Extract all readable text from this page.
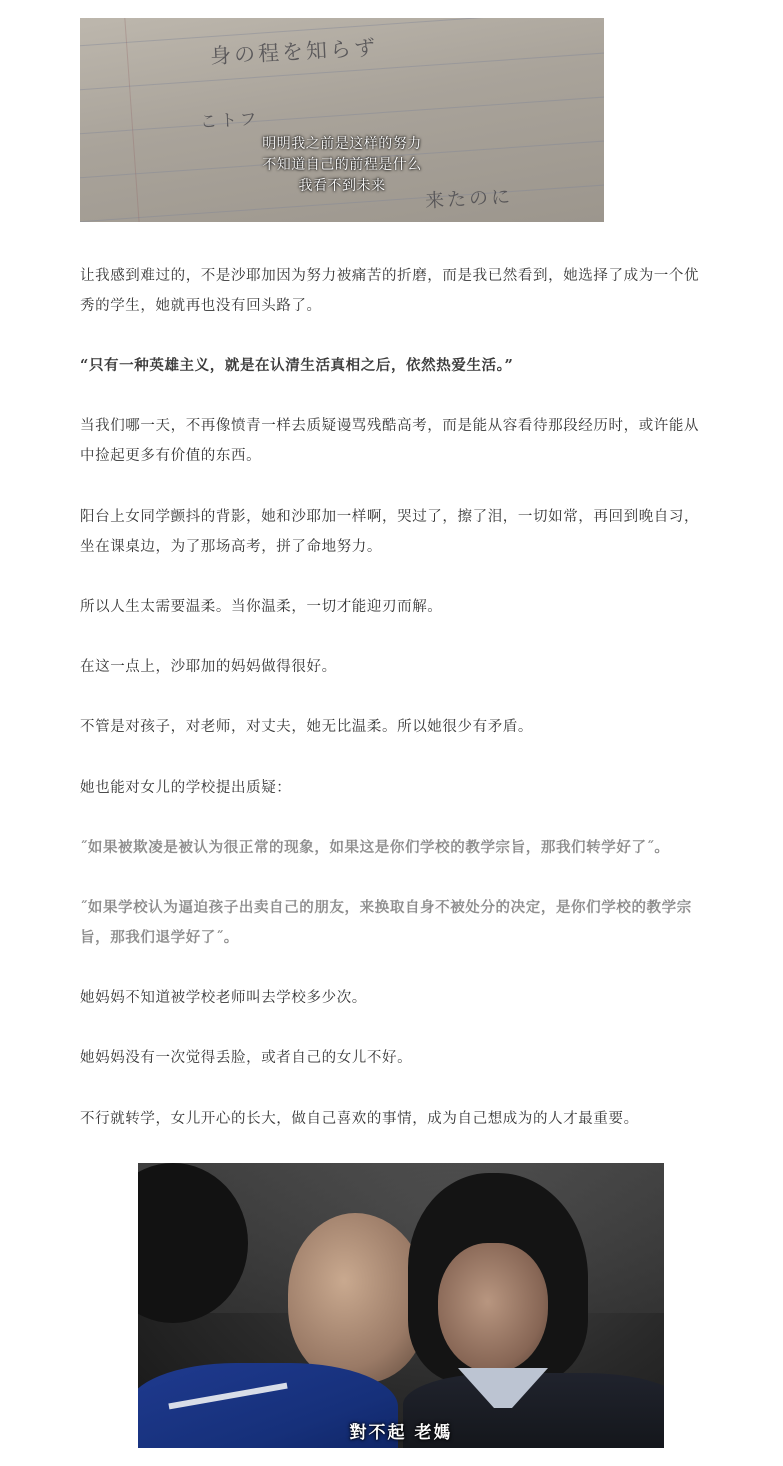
身の程を知らず
こトフ
来たのに
明明我之前是这样的努力
不知道自己的前程是什么
我看不到未来

让我感到难过的，不是沙耶加因为努力被痛苦的折磨，而是我已然看到，她选择了成为一个优

秀的学生，她就再也没有回头路了。

“只有一种英雄主义，就是在认清生活真相之后，依然热爱生活。”

当我们哪一天，不再像愤青一样去质疑谩骂残酷高考，而是能从容看待那段经历时，或许能从

中捡起更多有价值的东西。

阳台上女同学颤抖的背影，她和沙耶加一样啊，哭过了，擦了泪，一切如常，再回到晚自习，

坐在课桌边，为了那场高考，拼了命地努力。

所以人生太需要温柔。当你温柔，一切才能迎刃而解。

在这一点上，沙耶加的妈妈做得很好。

不管是对孩子，对老师，对丈夫，她无比温柔。所以她很少有矛盾。

她也能对女儿的学校提出质疑：

˝如果被欺凌是被认为很正常的现象，如果这是你们学校的教学宗旨，那我们转学好了˝。

˝如果学校认为逼迫孩子出卖自己的朋友，来换取自身不被处分的决定，是你们学校的教学宗

旨，那我们退学好了˝。

她妈妈不知道被学校老师叫去学校多少次。

她妈妈没有一次觉得丢脸，或者自己的女儿不好。

不行就转学，女儿开心的长大，做自己喜欢的事情，成为自己想成为的人才最重要。

對不起 老媽
